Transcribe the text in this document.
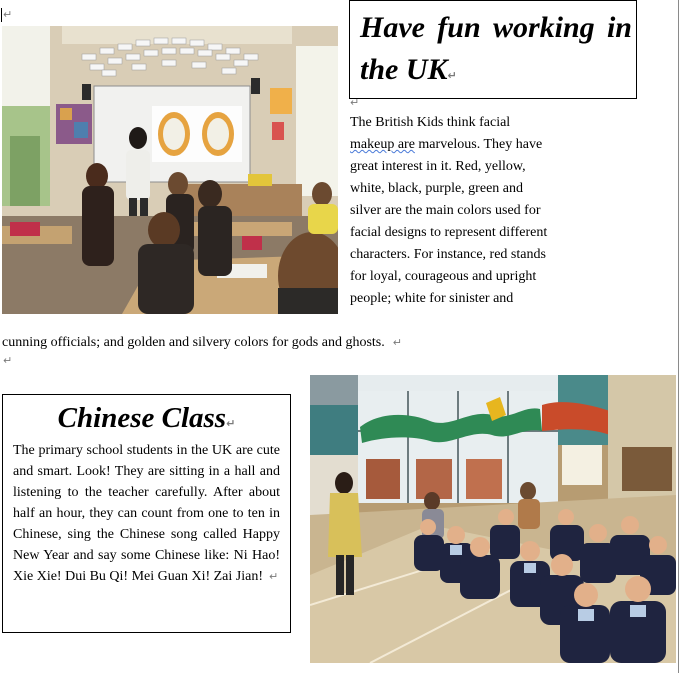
↵	Have fun working in the UK↵
↵
The British Kids think facial makeup are marvelous. They have great interest in it. Red, yellow, white, black, purple, green and silver are the main colors used for facial designs to represent different characters. For instance, red stands for loyal, courageous and upright people; white for sinister and
cunning officials; and golden and silvery colors for gods and ghosts. ↵
↵
Chinese Class↵
The primary school students in the UK are cute and smart. Look! They are sitting in a hall and listening to the teacher carefully. After about half an hour, they can count from one to ten in Chinese, sing the Chinese song called Happy New Year and say some Chinese like: Ni Hao! Xie Xie! Dui Bu Qi! Mei Guan Xi! Zai Jian! ↵
